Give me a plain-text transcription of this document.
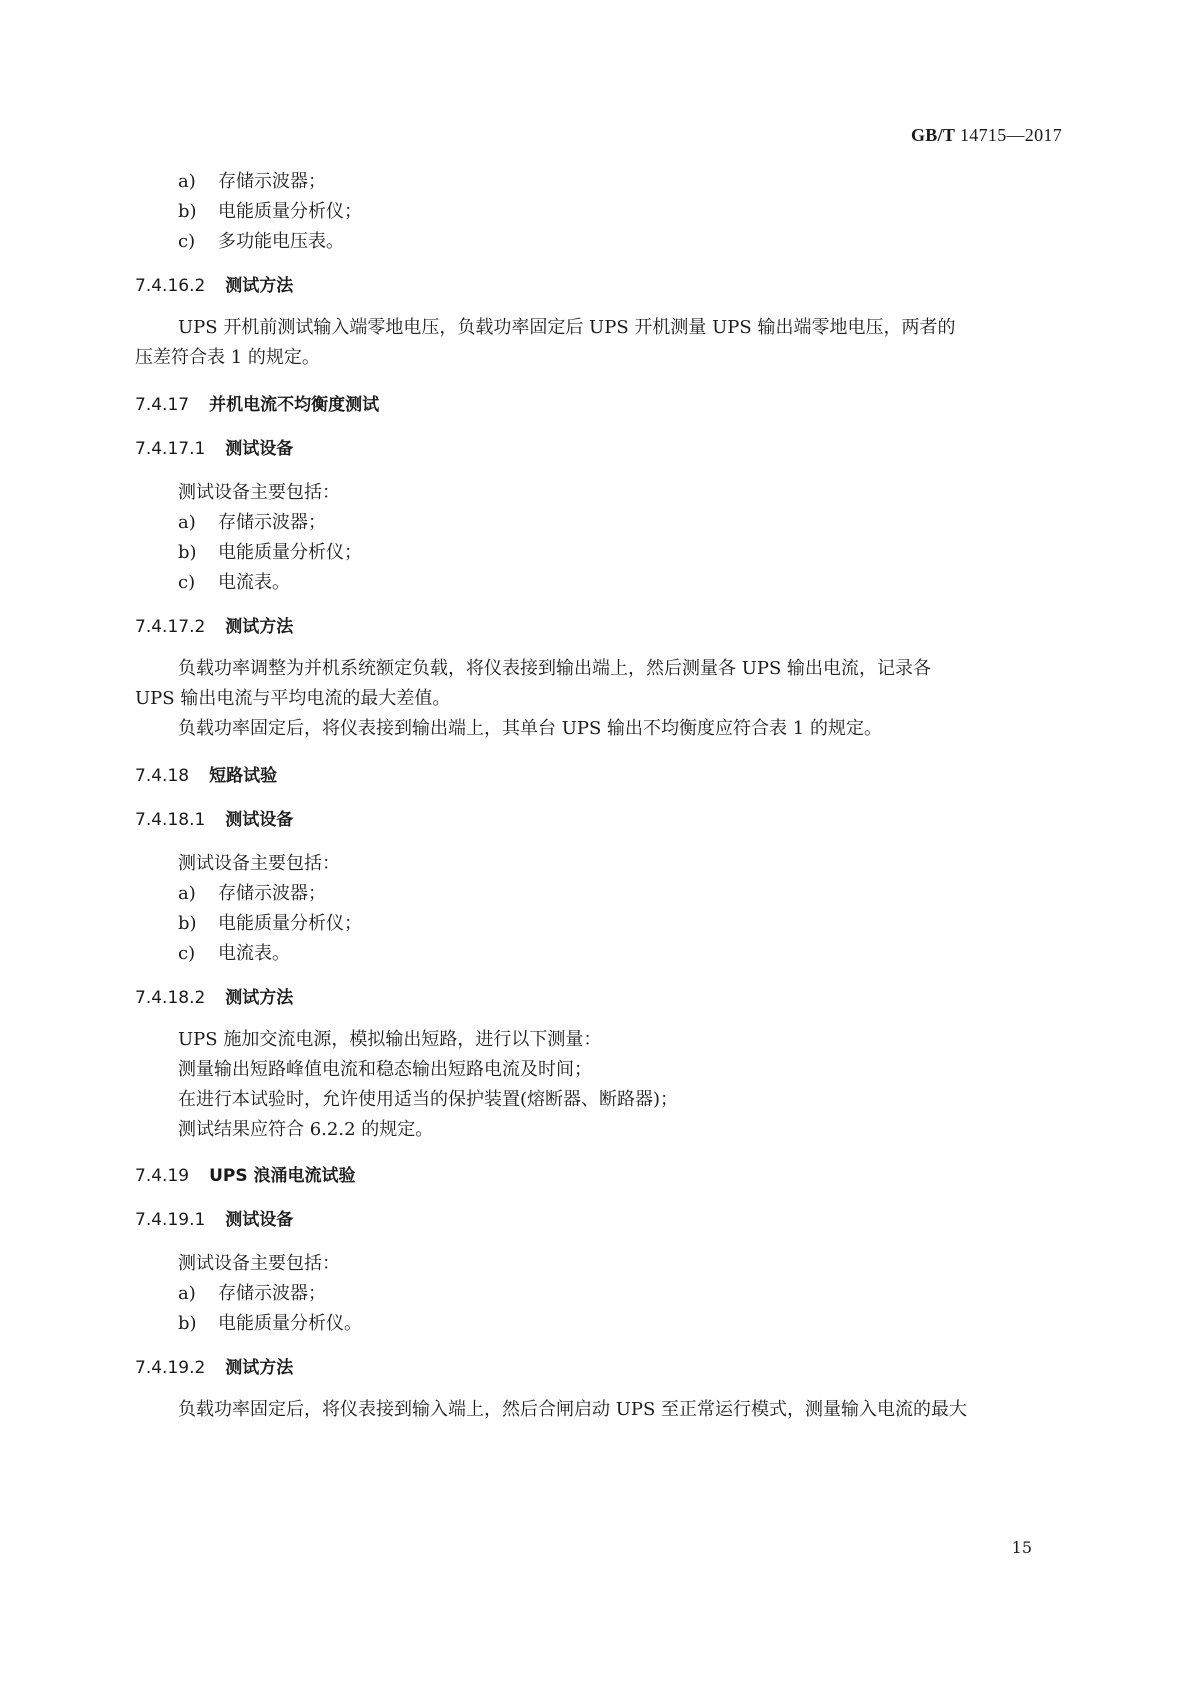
GB/T 14715—2017
a) 存储示波器；
b) 电能质量分析仪；
c) 多功能电压表。
7.4.16.2 测试方法
UPS 开机前测试输入端零地电压，负载功率固定后 UPS 开机测量 UPS 输出端零地电压，两者的
压差符合表 1 的规定。
7.4.17 并机电流不均衡度测试
7.4.17.1 测试设备
测试设备主要包括：
a) 存储示波器；
b) 电能质量分析仪；
c) 电流表。
7.4.17.2 测试方法
负载功率调整为并机系统额定负载，将仪表接到输出端上，然后测量各 UPS 输出电流，记录各
UPS 输出电流与平均电流的最大差值。
负载功率固定后，将仪表接到输出端上，其单台 UPS 输出不均衡度应符合表 1 的规定。
7.4.18 短路试验
7.4.18.1 测试设备
测试设备主要包括：
a) 存储示波器；
b) 电能质量分析仪；
c) 电流表。
7.4.18.2 测试方法
UPS 施加交流电源，模拟输出短路，进行以下测量：
测量输出短路峰值电流和稳态输出短路电流及时间；
在进行本试验时，允许使用适当的保护装置(熔断器、断路器)；
测试结果应符合 6.2.2 的规定。
7.4.19 UPS 浪涌电流试验
7.4.19.1 测试设备
测试设备主要包括：
a) 存储示波器；
b) 电能质量分析仪。
7.4.19.2 测试方法
负载功率固定后，将仪表接到输入端上，然后合闸启动 UPS 至正常运行模式，测量输入电流的最大
15
